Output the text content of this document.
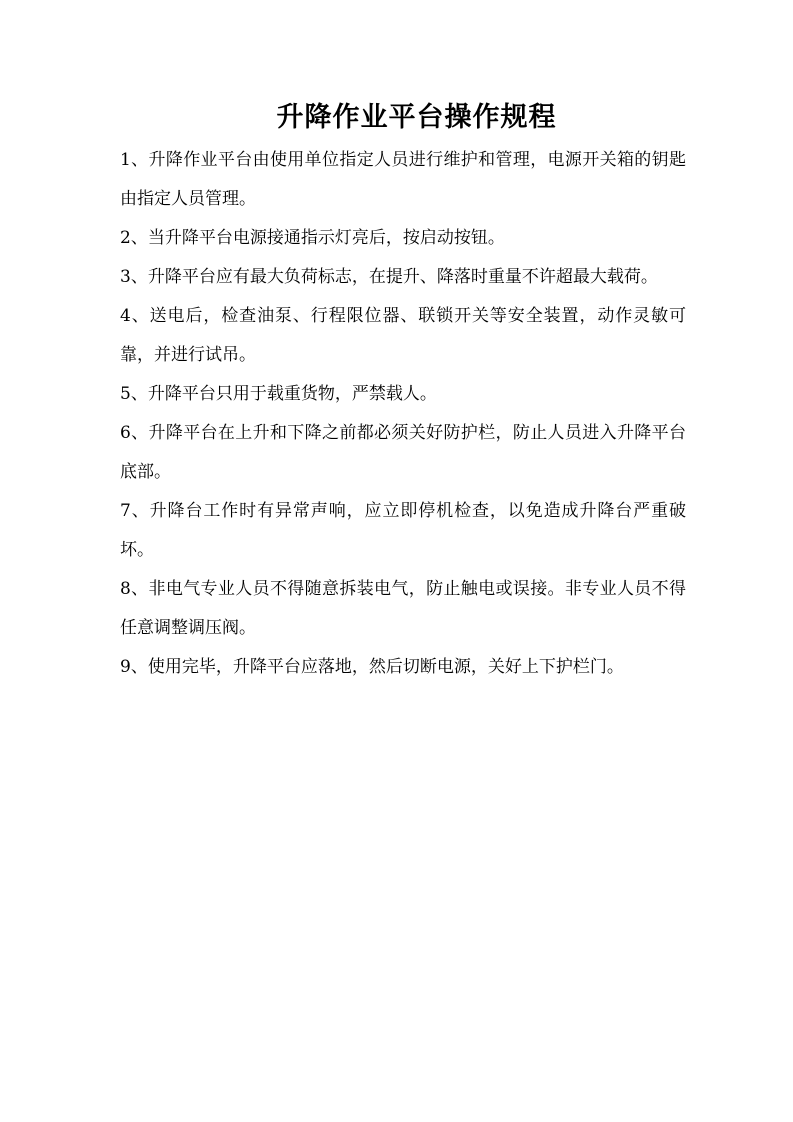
升降作业平台操作规程

1、升降作业平台由使用单位指定人员进行维护和管理，电源开关箱的钥匙由指定人员管理。

2、当升降平台电源接通指示灯亮后，按启动按钮。

3、升降平台应有最大负荷标志，在提升、降落时重量不许超最大载荷。

4、送电后，检查油泵、行程限位器、联锁开关等安全装置，动作灵敏可靠，并进行试吊。

5、升降平台只用于载重货物，严禁载人。

6、升降平台在上升和下降之前都必须关好防护栏，防止人员进入升降平台底部。

7、升降台工作时有异常声响，应立即停机检查，以免造成升降台严重破坏。

8、非电气专业人员不得随意拆装电气，防止触电或误接。非专业人员不得任意调整调压阀。

9、使用完毕，升降平台应落地，然后切断电源，关好上下护栏门。
